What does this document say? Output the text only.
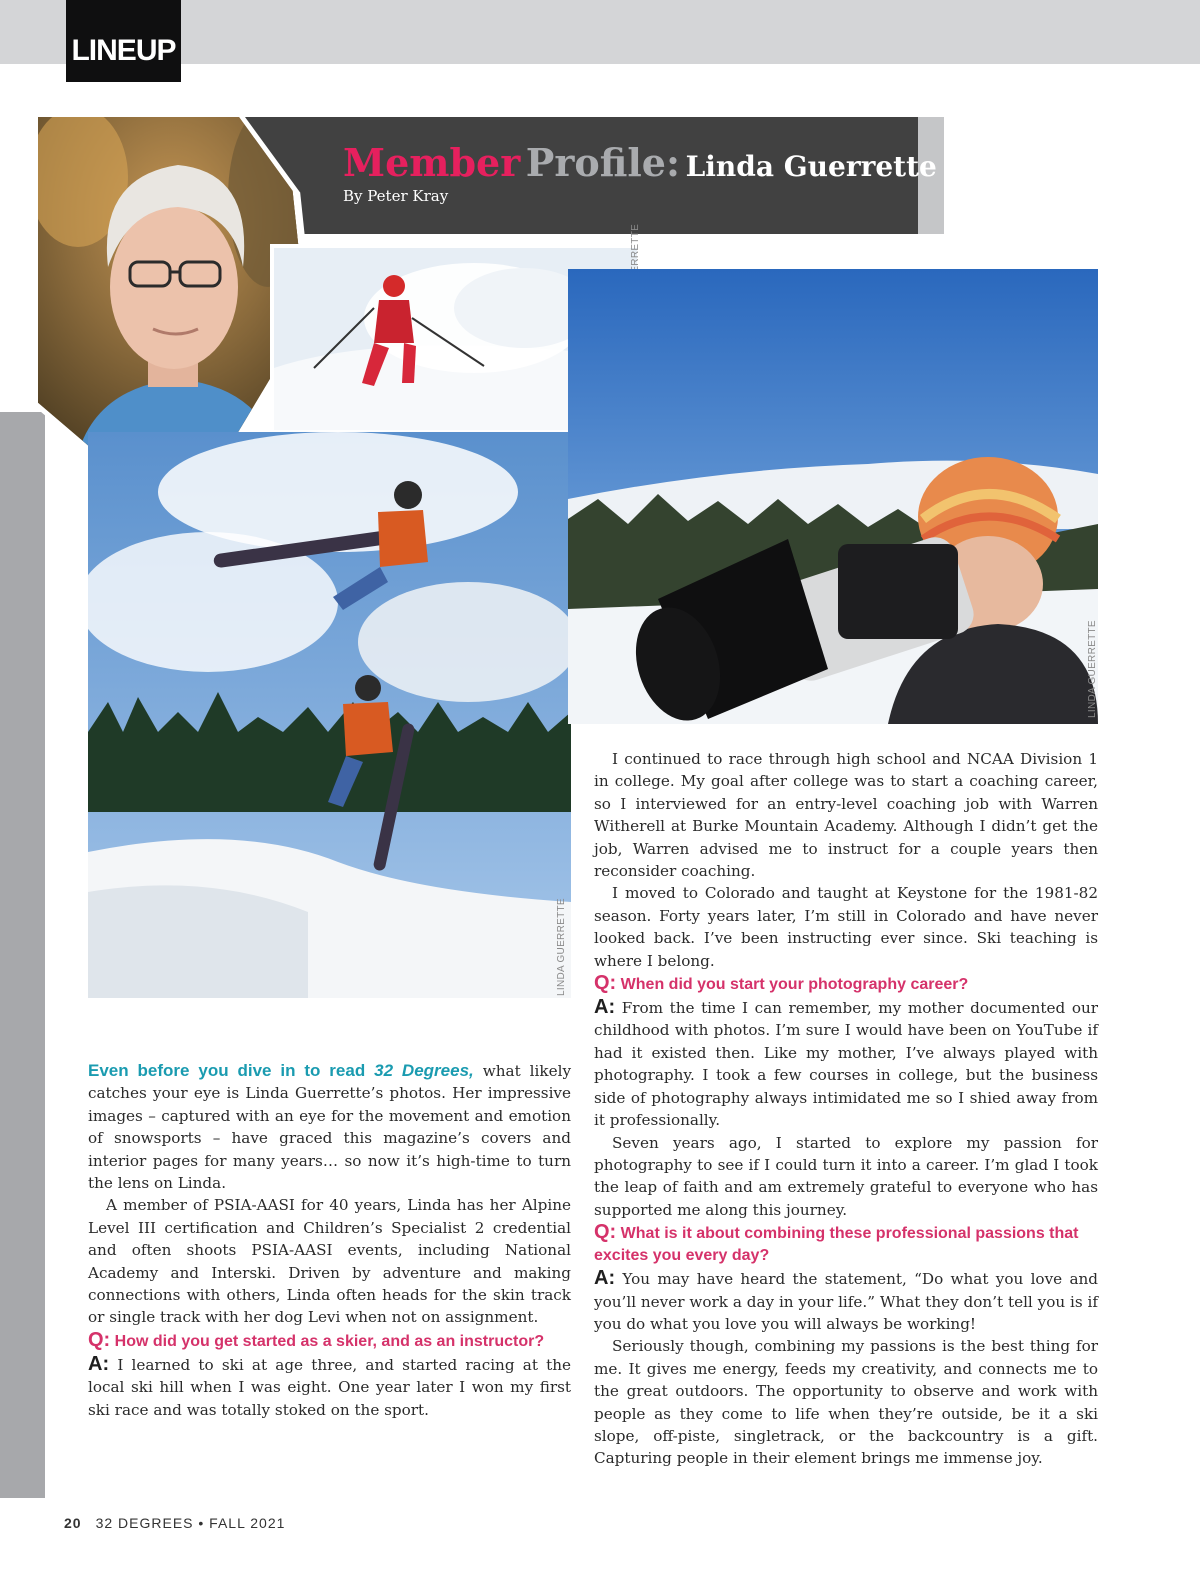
LINEUP
Member Profile: Linda Guerrette
By Peter Kray
LINDA GUERRETTE
LINDA GUERRETTE

Even before you dive in to read 32 Degrees, what likely catches your eye is Linda Guerrette’s photos. Her impressive images – captured with an eye for the movement and emotion of snowsports – have graced this magazine’s covers and interior pages for many years… so now it’s high-time to turn the lens on Linda.

A member of PSIA-AASI for 40 years, Linda has her Alpine Level III certification and Children’s Specialist 2 credential and often shoots PSIA-AASI events, including National Academy and Interski. Driven by adventure and making connections with others, Linda often heads for the skin track or single track with her dog Levi when not on assignment.

Q: How did you get started as a skier, and as an instructor?

A: I learned to ski at age three, and started racing at the local ski hill when I was eight. One year later I won my first ski race and was totally stoked on the sport.

I continued to race through high school and NCAA Division 1 in college. My goal after college was to start a coaching career, so I interviewed for an entry-level coaching job with Warren Witherell at Burke Mountain Academy. Although I didn’t get the job, Warren advised me to instruct for a couple years then reconsider coaching.

I moved to Colorado and taught at Keystone for the 1981-82 season. Forty years later, I’m still in Colorado and have never looked back. I’ve been instructing ever since. Ski teaching is where I belong.

Q: When did you start your photography career?

A: From the time I can remember, my mother documented our childhood with photos. I’m sure I would have been on YouTube if had it existed then. Like my mother, I’ve always played with photography. I took a few courses in college, but the business side of photography always intimidated me so I shied away from it professionally.

Seven years ago, I started to explore my passion for photography to see if I could turn it into a career. I’m glad I took the leap of faith and am extremely grateful to everyone who has supported me along this journey.

Q: What is it about combining these professional passions that excites you every day?

A: You may have heard the statement, “Do what you love and you’ll never work a day in your life.” What they don’t tell you is if you do what you love you will always be working!

Seriously though, combining my passions is the best thing for me. It gives me energy, feeds my creativity, and connects me to the great outdoors. The opportunity to observe and work with people as they come to life when they’re outside, be it a ski slope, off-piste, singletrack, or the backcountry is a gift. Capturing people in their element brings me immense joy.

20 32 DEGREES • FALL 2021
